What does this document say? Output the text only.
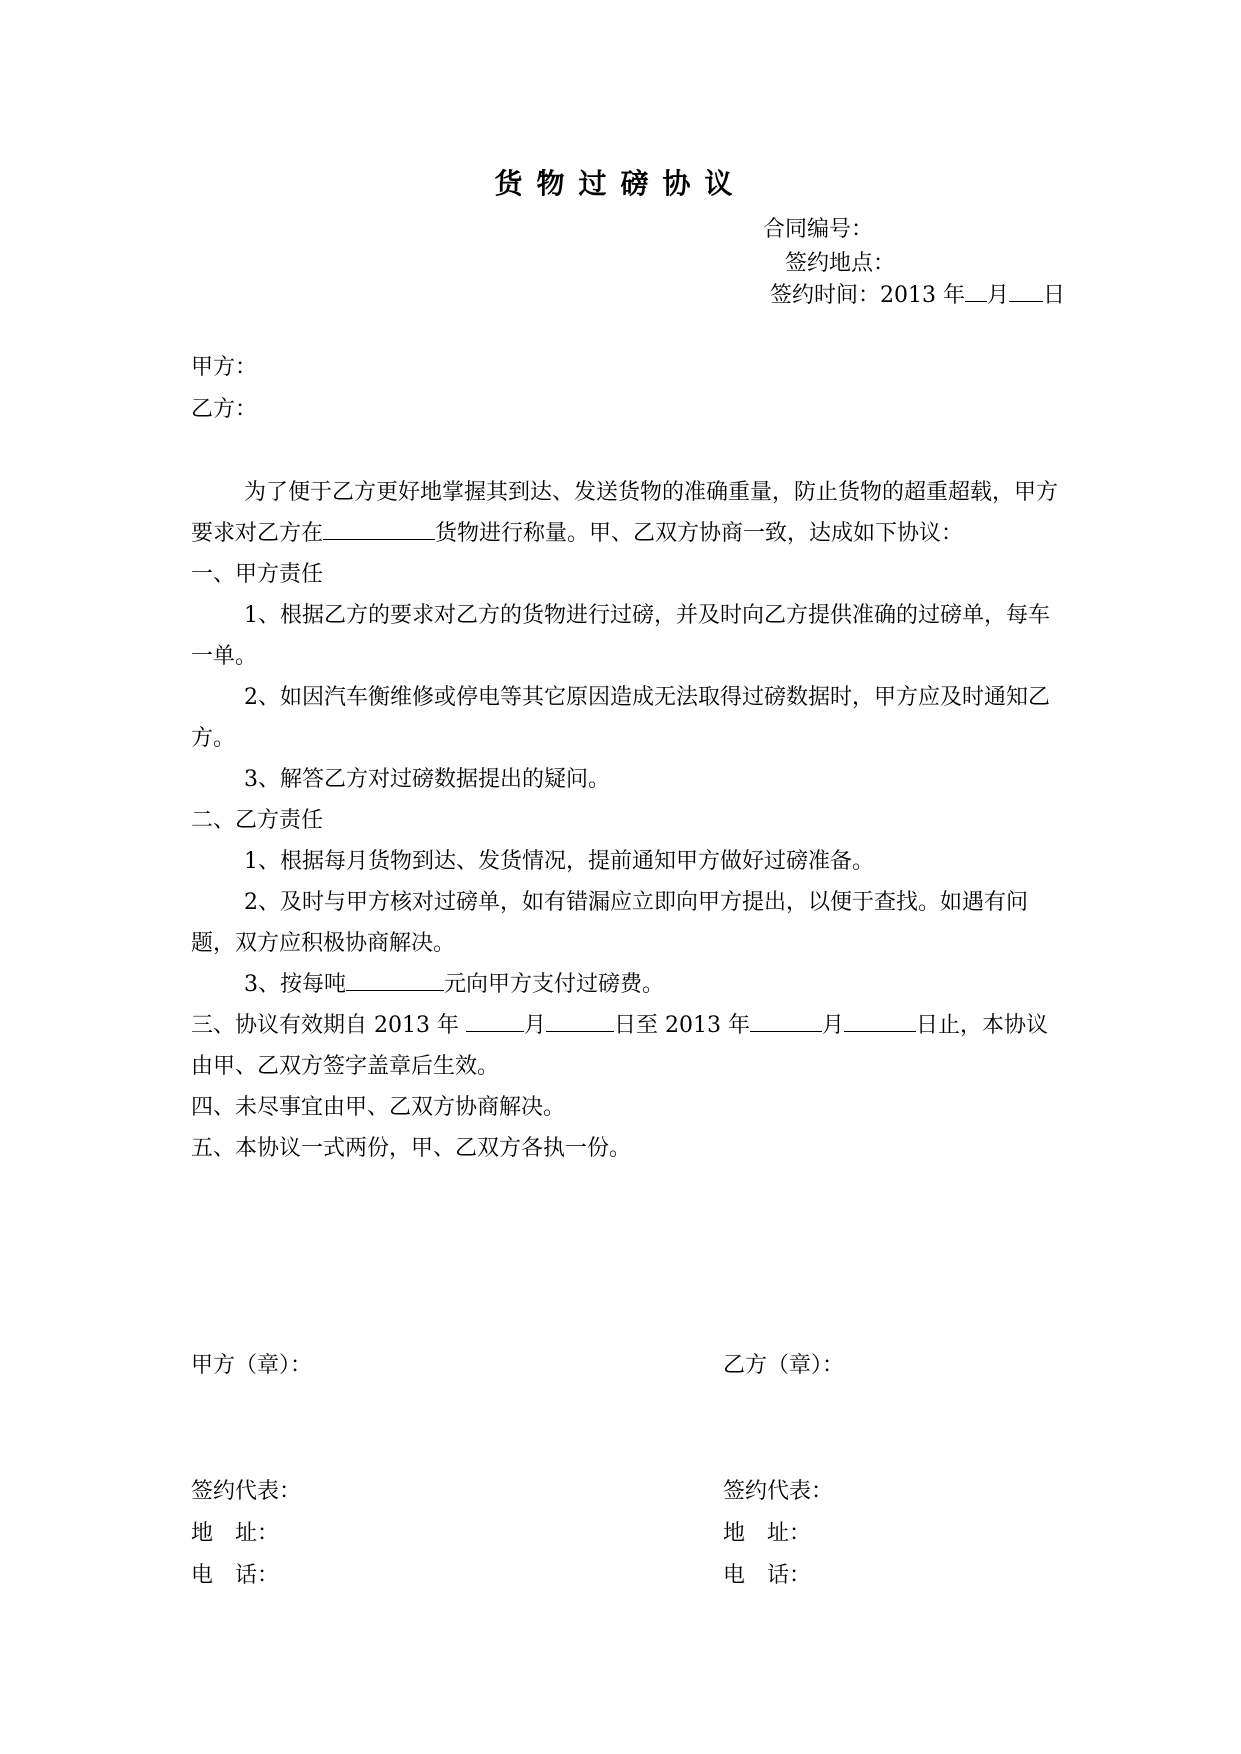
货物过磅协议
合同编号：
签约地点：
签约时间：2013 年 月 日
甲方：
乙方：

为了便于乙方更好地掌握其到达、发送货物的准确重量，防止货物的超重超载，甲方要求对乙方在	货物进行称量。甲、乙双方协商一致，达成如下协议：

一、甲方责任

1、根据乙方的要求对乙方的货物进行过磅，并及时向乙方提供准确的过磅单，每车一单。

2、如因汽车衡维修或停电等其它原因造成无法取得过磅数据时，甲方应及时通知乙方。

3、解答乙方对过磅数据提出的疑问。

二、乙方责任

1、根据每月货物到达、发货情况，提前通知甲方做好过磅准备。

2、及时与甲方核对过磅单，如有错漏应立即向甲方提出，以便于查找。如遇有问题，双方应积极协商解决。

3、按每吨	元向甲方支付过磅费。

三、协议有效期自 2013 年	月	日至 2013 年	月	日止，本协议由甲、乙双方签字盖章后生效。

四、未尽事宜由甲、乙双方协商解决。

五、本协议一式两份，甲、乙双方各执一份。

甲方（章）：	乙方（章）：
签约代表：	签约代表：
地　址：	地　址：
电　话：	电　话：
